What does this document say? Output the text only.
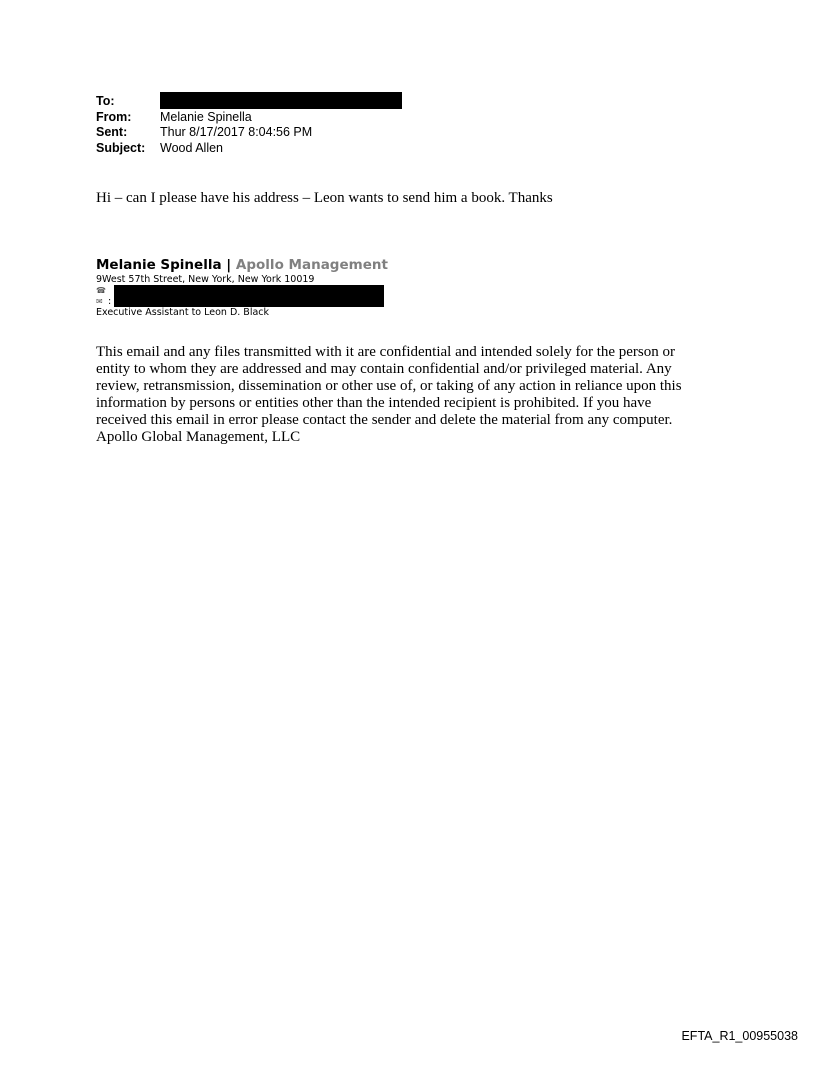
To:
From:	Melanie Spinella
Sent:	Thur 8/17/2017 8:04:56 PM
Subject:	Wood Allen
Hi – can I please have his address – Leon wants to send him a book. Thanks
Melanie Spinella | Apollo Management
9West 57th Street, New York, New York 10019
☎
✉ :
Executive Assistant to Leon D. Black

This email and any files transmitted with it are confidential and intended solely for the person or

entity to whom they are addressed and may contain confidential and/or privileged material. Any

review, retransmission, dissemination or other use of, or taking of any action in reliance upon this

information by persons or entities other than the intended recipient is prohibited. If you have

received this email in error please contact the sender and delete the material from any computer.

Apollo Global Management, LLC

EFTA_R1_00955038
